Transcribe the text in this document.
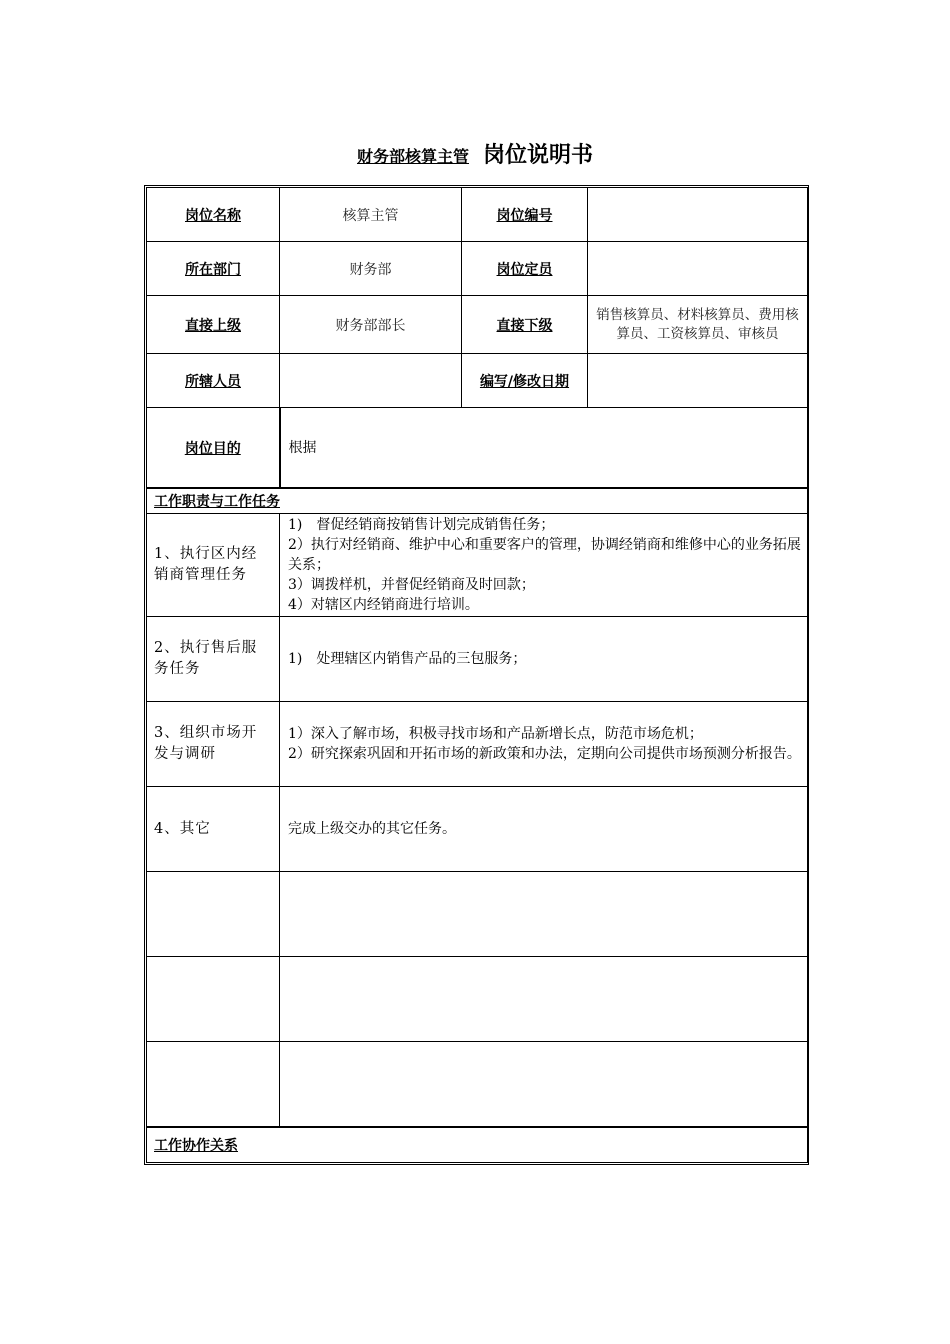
财务部核算主管 岗位说明书
岗位名称	核算主管	岗位编号	
所在部门	财务部	岗位定员	
直接上级	财务部部长	直接下级	销售核算员、材料核算员、费用核算员、工资核算员、审核员
所辖人员		编写/修改日期	
岗位目的	根据
工作职责与工作任务	
1、执行区内经销商管理任务	1)　督促经销商按销售计划完成销售任务；
2）执行对经销商、维护中心和重要客户的管理，协调经销商和维修中心的业务拓展关系；
3）调拨样机，并督促经销商及时回款；
4）对辖区内经销商进行培训。

2、执行售后服务任务	1)　处理辖区内销售产品的三包服务；

3、组织市场开发与调研	1）深入了解市场，积极寻找市场和产品新增长点，防范市场危机；
2）研究探索巩固和开拓市场的新政策和办法，定期向公司提供市场预测分析报告。

4、其它	完成上级交办的其它任务。

工作协作关系	
